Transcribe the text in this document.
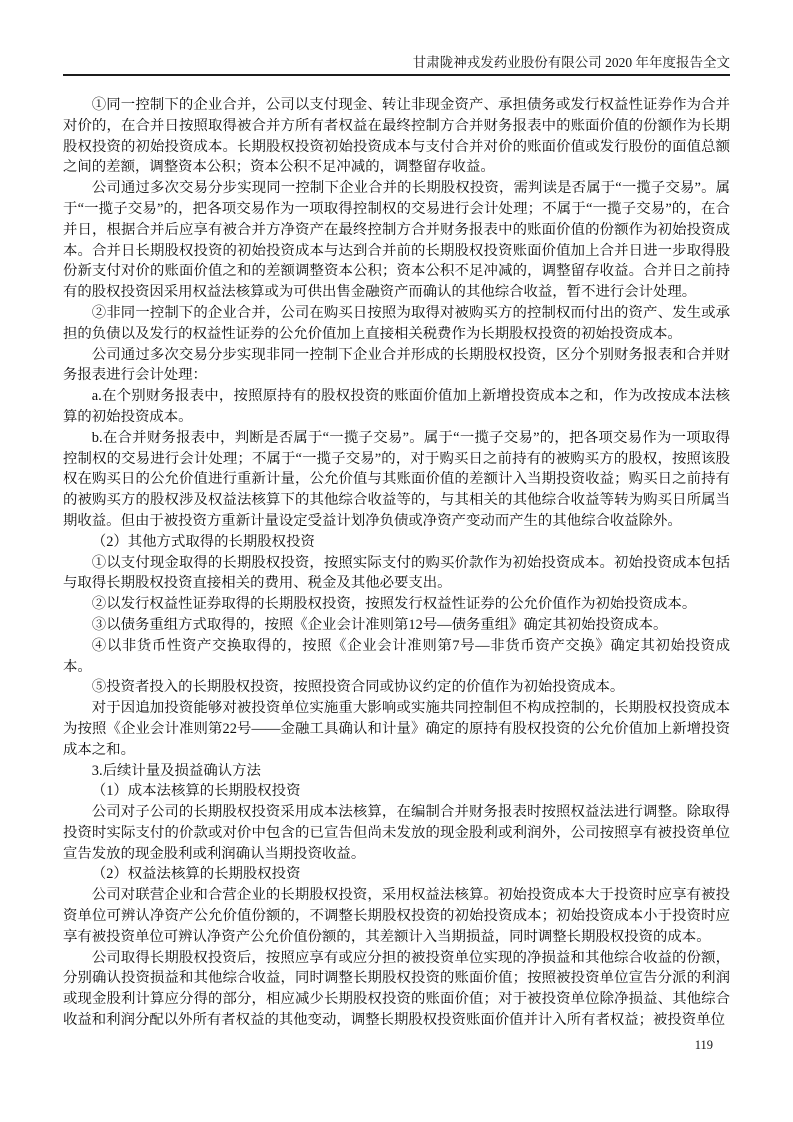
甘肃陇神戎发药业股份有限公司 2020 年年度报告全文

①同一控制下的企业合并，公司以支付现金、转让非现金资产、承担债务或发行权益性证券作为合并对价的，在合并日按照取得被合并方所有者权益在最终控制方合并财务报表中的账面价值的份额作为长期股权投资的初始投资成本。长期股权投资初始投资成本与支付合并对价的账面价值或发行股份的面值总额之间的差额，调整资本公积；资本公积不足冲减的，调整留存收益。

公司通过多次交易分步实现同一控制下企业合并的长期股权投资，需判读是否属于“一揽子交易”。属于“一揽子交易”的，把各项交易作为一项取得控制权的交易进行会计处理；不属于“一揽子交易”的，在合并日，根据合并后应享有被合并方净资产在最终控制方合并财务报表中的账面价值的份额作为初始投资成本。合并日长期股权投资的初始投资成本与达到合并前的长期股权投资账面价值加上合并日进一步取得股份新支付对价的账面价值之和的差额调整资本公积；资本公积不足冲减的，调整留存收益。合并日之前持有的股权投资因采用权益法核算或为可供出售金融资产而确认的其他综合收益，暂不进行会计处理。

②非同一控制下的企业合并，公司在购买日按照为取得对被购买方的控制权而付出的资产、发生或承担的负债以及发行的权益性证券的公允价值加上直接相关税费作为长期股权投资的初始投资成本。

公司通过多次交易分步实现非同一控制下企业合并形成的长期股权投资，区分个别财务报表和合并财务报表进行会计处理：

a.在个别财务报表中，按照原持有的股权投资的账面价值加上新增投资成本之和，作为改按成本法核算的初始投资成本。

b.在合并财务报表中，判断是否属于“一揽子交易”。属于“一揽子交易”的，把各项交易作为一项取得控制权的交易进行会计处理；不属于“一揽子交易”的，对于购买日之前持有的被购买方的股权，按照该股权在购买日的公允价值进行重新计量，公允价值与其账面价值的差额计入当期投资收益；购买日之前持有的被购买方的股权涉及权益法核算下的其他综合收益等的，与其相关的其他综合收益等转为购买日所属当期收益。但由于被投资方重新计量设定受益计划净负债或净资产变动而产生的其他综合收益除外。

（2）其他方式取得的长期股权投资

①以支付现金取得的长期股权投资，按照实际支付的购买价款作为初始投资成本。初始投资成本包括与取得长期股权投资直接相关的费用、税金及其他必要支出。

②以发行权益性证券取得的长期股权投资，按照发行权益性证券的公允价值作为初始投资成本。

③以债务重组方式取得的，按照《企业会计准则第12号—债务重组》确定其初始投资成本。

④以非货币性资产交换取得的，按照《企业会计准则第7号—非货币资产交换》确定其初始投资成本。

⑤投资者投入的长期股权投资，按照投资合同或协议约定的价值作为初始投资成本。

对于因追加投资能够对被投资单位实施重大影响或实施共同控制但不构成控制的，长期股权投资成本为按照《企业会计准则第22号——金融工具确认和计量》确定的原持有股权投资的公允价值加上新增投资成本之和。

3.后续计量及损益确认方法

（1）成本法核算的长期股权投资

公司对子公司的长期股权投资采用成本法核算，在编制合并财务报表时按照权益法进行调整。除取得投资时实际支付的价款或对价中包含的已宣告但尚未发放的现金股利或利润外，公司按照享有被投资单位宣告发放的现金股利或利润确认当期投资收益。

（2）权益法核算的长期股权投资

公司对联营企业和合营企业的长期股权投资，采用权益法核算。初始投资成本大于投资时应享有被投资单位可辨认净资产公允价值份额的，不调整长期股权投资的初始投资成本；初始投资成本小于投资时应享有被投资单位可辨认净资产公允价值份额的，其差额计入当期损益，同时调整长期股权投资的成本。

公司取得长期股权投资后，按照应享有或应分担的被投资单位实现的净损益和其他综合收益的份额，分别确认投资损益和其他综合收益，同时调整长期股权投资的账面价值；按照被投资单位宣告分派的利润或现金股利计算应分得的部分，相应减少长期股权投资的账面价值；对于被投资单位除净损益、其他综合收益和利润分配以外所有者权益的其他变动，调整长期股权投资账面价值并计入所有者权益；被投资单位

119
